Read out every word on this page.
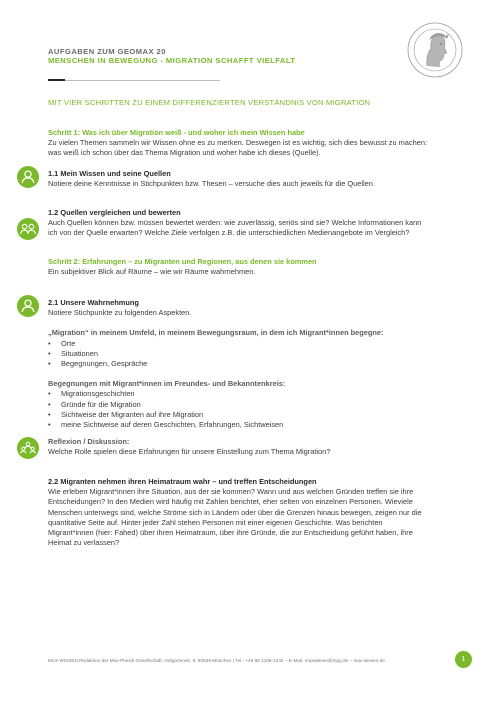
AUFGABEN ZUM GEOMAX 20
MENSCHEN IN BEWEGUNG - MIGRATION SCHAFFT VIELFALT
MIT VIER SCHRITTEN ZU EINEM DIFFERENZIERTEN VERSTÄNDNIS VON MIGRATION
Schritt 1: Was ich über Migration weiß - und woher ich mein Wissen habe
Zu vielen Themen sammeln wir Wissen ohne es zu merken. Deswegen ist es wichtig, sich dies bewusst zu machen: was weiß ich schon über das Thema Migration und woher habe ich dieses (Quelle).
1.1 Mein Wissen und seine Quellen
Notiere deine Kenntnisse in Stichpunkten bzw. Thesen – versuche dies auch jeweils für die Quellen.
1.2 Quellen vergleichen und bewerten
Auch Quellen können bzw. müssen bewertet werden: wie zuverlässig, seriös sind sie? Welche Informationen kann ich von der Quelle erwarten? Welche Ziele verfolgen z.B. die unterschiedlichen Medienangebote im Vergleich?
Schritt 2: Erfahrungen – zu Migranten und Regionen, aus denen sie kommen
Ein subjektiver Blick auf Räume – wie wir Räume wahrnehmen.
2.1 Unsere Wahrnehmung
Notiere Stichpunkte zu folgenden Aspekten.
„Migration“ in meinem Umfeld, in meinem Bewegungsraum, in dem ich Migrant*innen begegne:
• Orte
• Situationen
• Begegnungen, Gespräche
Begegnungen mit Migrant*innen im Freundes- und Bekanntenkreis:
• Migrationsgeschichten
• Gründe für die Migration
• Sichtweise der Migranten auf ihre Migration
• meine Sichtweise auf deren Geschichten, Erfahrungen, Sichtweisen
Reflexion / Diskussion:
Welche Rolle spielen diese Erfahrungen für unsere Einstellung zum Thema Migration?
2.2 Migranten nehmen ihren Heimatraum wahr – und treffen Entscheidungen
Wie erleben Migrant*innen ihre Situation, aus der sie kommen? Wann und aus welchen Gründen treffen sie ihre Entscheidungen? In den Medien wird häufig mit Zahlen berichtet, eher selten von einzelnen Personen. Wieviele Menschen unterwegs sind, welche Ströme sich in Ländern oder über die Grenzen hinaus bewegen, zeigen nur die quantitative Seite auf. Hinter jeder Zahl stehen Personen mit einer eigenen Geschichte. Was berichten Migrant*innen (hier: Fahed) über ihren Heimatraum, über ihre Gründe, die zur Entscheidung geführt haben, ihre Heimat zu verlassen?
MAX WISSEN Redaktion der Max-Planck-Gesellschaft, Hofgartenstr. 8, 80539 München | Tel.: +49 89 2108-1242 – E-Mail: maxwissen@mpg.de – max-wissen.de	1
